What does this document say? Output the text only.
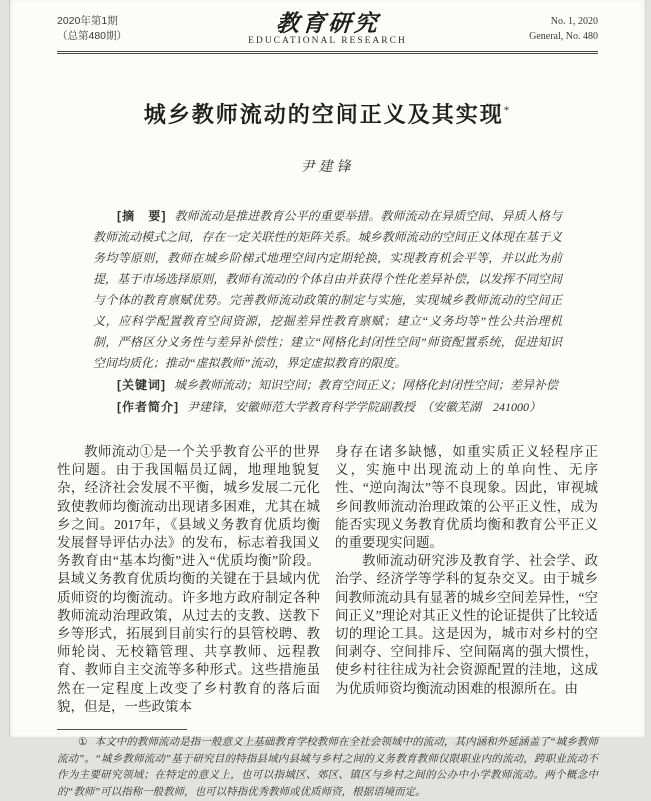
2020年第1期
（总第480期）	教育研究
EDUCATIONAL RESEARCH
No. 1, 2020
General, No. 480
城乡教师流动的空间正义及其实现*
尹建锋

[摘　要] 教师流动是推进教育公平的重要举措。教师流动在异质空间、异质人格与教师流动模式之间，存在一定关联性的矩阵关系。城乡教师流动的空间正义体现在基于义务均等原则，教师在城乡阶梯式地理空间内定期轮换，实现教育机会平等，并以此为前提，基于市场选择原则，教师有流动的个体自由并获得个性化差异补偿，以发挥不同空间与个体的教育禀赋优势。完善教师流动政策的制定与实施，实现城乡教师流动的空间正义，应科学配置教育空间资源，挖掘差异性教育禀赋；建立“义务均等”性公共治理机制，严格区分义务性与差异补偿性；建立“网格化封闭性空间”师资配置系统，促进知识空间均质化；推动“虚拟教师”流动，界定虚拟教育的限度。

[关键词] 城乡教师流动；知识空间；教育空间正义；网格化封闭性空间；差异补偿

[作者简介] 尹建锋，安徽师范大学教育科学学院副教授　（安徽芜湖　241000）

教师流动①是一个关乎教育公平的世界性问题。由于我国幅员辽阔，地理地貌复杂，经济社会发展不平衡，城乡发展二元化致使教师均衡流动出现诸多困难，尤其在城乡之间。2017年，《县域义务教育优质均衡发展督导评估办法》的发布，标志着我国义务教育由“基本均衡”进入“优质均衡”阶段。县域义务教育优质均衡的关键在于县域内优质师资的均衡流动。许多地方政府制定各种教师流动治理政策，从过去的支教、送教下乡等形式，拓展到目前实行的县管校聘、教师轮岗、无校籍管理、共享教师、远程教育、教师自主交流等多种形式。这些措施虽然在一定程度上改变了乡村教育的落后面貌，但是，一些政策本

身存在诸多缺憾，如重实质正义轻程序正义，实施中出现流动上的单向性、无序性、“逆向淘汰”等不良现象。因此，审视城乡间教师流动治理政策的公平正义性，成为能否实现义务教育优质均衡和教育公平正义的重要现实问题。

教师流动研究涉及教育学、社会学、政治学、经济学等学科的复杂交叉。由于城乡间教师流动具有显著的城乡空间差异性，“空间正义”理论对其正义性的论证提供了比较适切的理论工具。这是因为，城市对乡村的空间剥夺、空间排斥、空间隔离的强大惯性，使乡村往往成为社会资源配置的洼地，这成为优质师资均衡流动困难的根源所在。由

① 本文中的教师流动是指一般意义上基础教育学校教师在全社会领域中的流动，其内涵和外延涵盖了“城乡教师流动”。“城乡教师流动”基于研究目的特指县域内县城与乡村之间的义务教育教师仅限职业内的流动，跨职业流动不作为主要研究领域；在特定的意义上，也可以指城区、郊区、镇区与乡村之间的公办中小学教师流动。两个概念中的“教师”可以指称一般教师，也可以特指优秀教师或优质师资，根据语境而定。
